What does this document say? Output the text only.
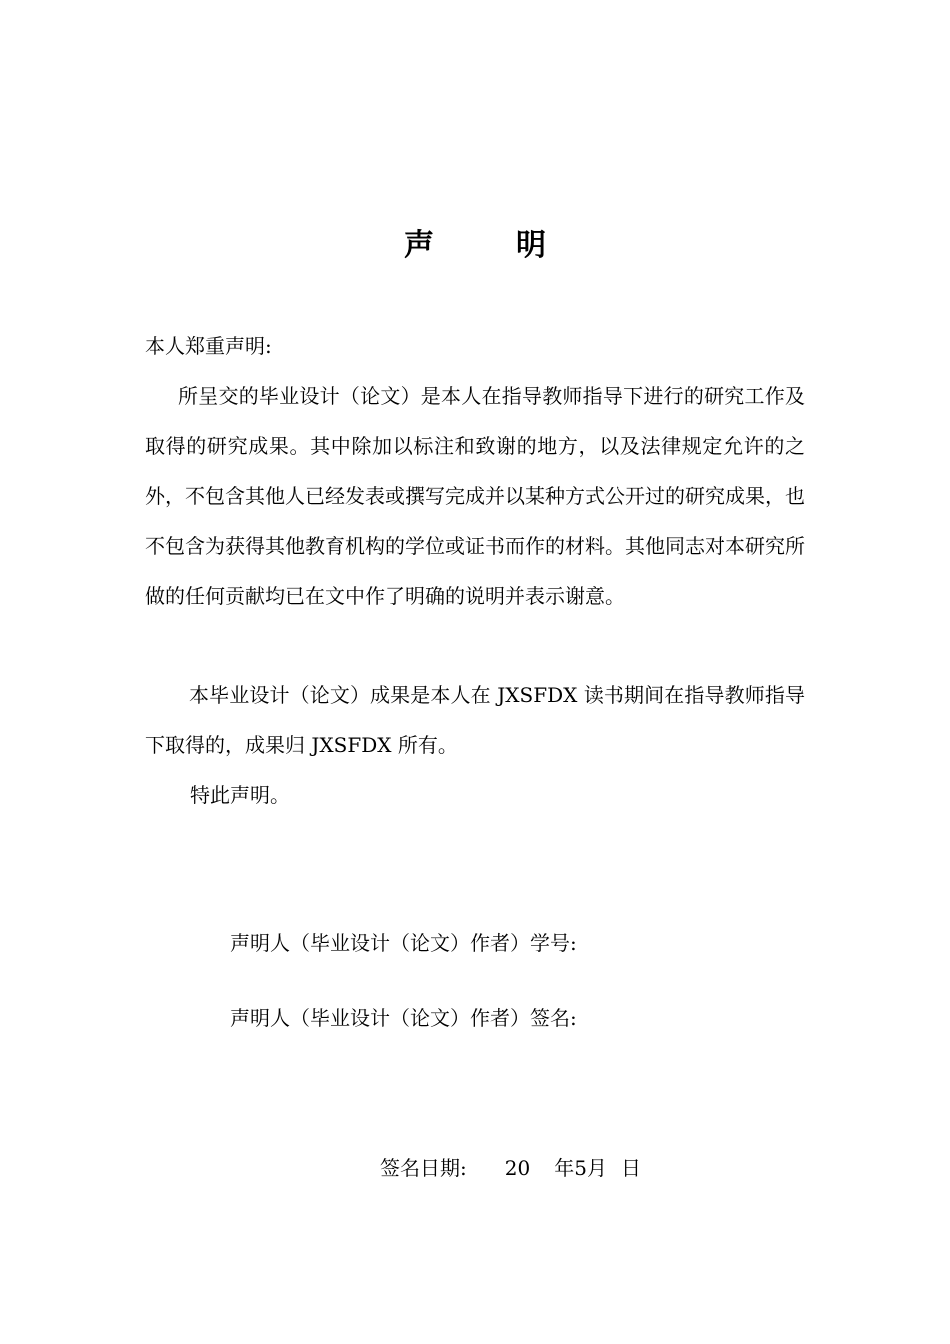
声	明
本人郑重声明:
所呈交的毕业设计（论文）是本人在指导教师指导下进行的研究工作及取得的研究成果。其中除加以标注和致谢的地方，以及法律规定允许的之外，不包含其他人已经发表或撰写完成并以某种方式公开过的研究成果，也不包含为获得其他教育机构的学位或证书而作的材料。其他同志对本研究所做的任何贡献均已在文中作了明确的说明并表示谢意。
本毕业设计（论文）成果是本人在 JXSFDX 读书期间在指导教师指导下取得的，成果归 JXSFDX 所有。
特此声明。
声明人（毕业设计（论文）作者）学号:
声明人（毕业设计（论文）作者）签名:
签名日期: 20 年5月 日
